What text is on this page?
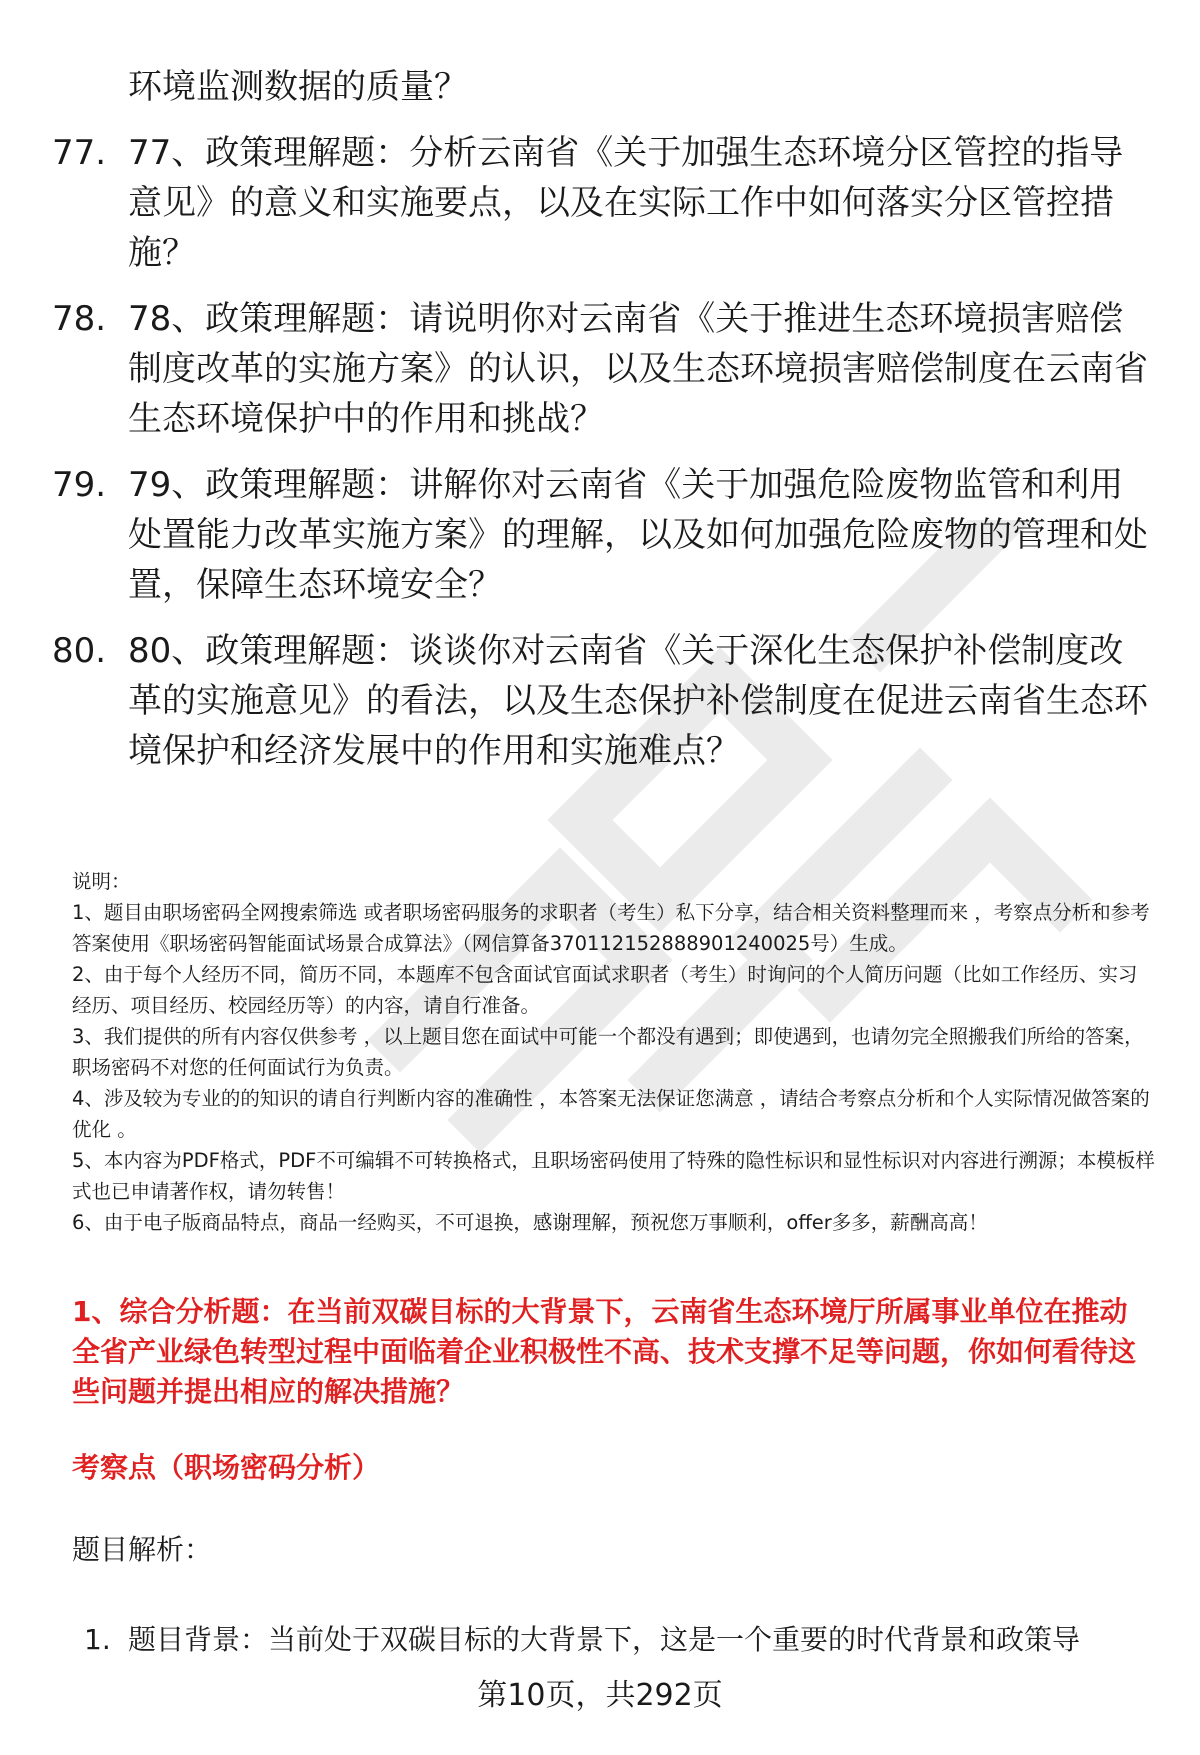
环境监测数据的质量？

77. 77、政策理解题：分析云南省《关于加强生态环境分区管控的指导意见》的意义和实施要点，以及在实际工作中如何落实分区管控措施？
78. 78、政策理解题：请说明你对云南省《关于推进生态环境损害赔偿制度改革的实施方案》的认识，以及生态环境损害赔偿制度在云南省生态环境保护中的作用和挑战？
79. 79、政策理解题：讲解你对云南省《关于加强危险废物监管和利用处置能力改革实施方案》的理解，以及如何加强危险废物的管理和处置，保障生态环境安全？
80. 80、政策理解题：谈谈你对云南省《关于深化生态保护补偿制度改革的实施意见》的看法，以及生态保护补偿制度在促进云南省生态环境保护和经济发展中的作用和实施难点？

说明：

1、题目由职场密码全网搜索筛选 或者职场密码服务的求职者（考生）私下分享，结合相关资料整理而来 ，考察点分析和参考答案使用《职场密码智能面试场景合成算法》（网信算备370112152888901240025号）生成。

2、由于每个人经历不同，简历不同，本题库不包含面试官面试求职者（考生）时询问的个人简历问题（比如工作经历、实习经历、项目经历、校园经历等）的内容，请自行准备。

3、我们提供的所有内容仅供参考 ，以上题目您在面试中可能一个都没有遇到；即使遇到，也请勿完全照搬我们所给的答案，职场密码不对您的任何面试行为负责。

4、涉及较为专业的的知识的请自行判断内容的准确性 ，本答案无法保证您满意 ，请结合考察点分析和个人实际情况做答案的优化 。

5、本内容为PDF格式，PDF不可编辑不可转换格式，且职场密码使用了特殊的隐性标识和显性标识对内容进行溯源；本模板样式也已申请著作权，请勿转售！

6、由于电子版商品特点，商品一经购买，不可退换，感谢理解，预祝您万事顺利，offer多多，薪酬高高！

1、综合分析题：在当前双碳目标的大背景下，云南省生态环境厅所属事业单位在推动全省产业绿色转型过程中面临着企业积极性不高、技术支撑不足等问题，你如何看待这些问题并提出相应的解决措施？

考察点（职场密码分析）

题目解析：

1. 题目背景：当前处于双碳目标的大背景下，这是一个重要的时代背景和政策导
第10页，共292页
